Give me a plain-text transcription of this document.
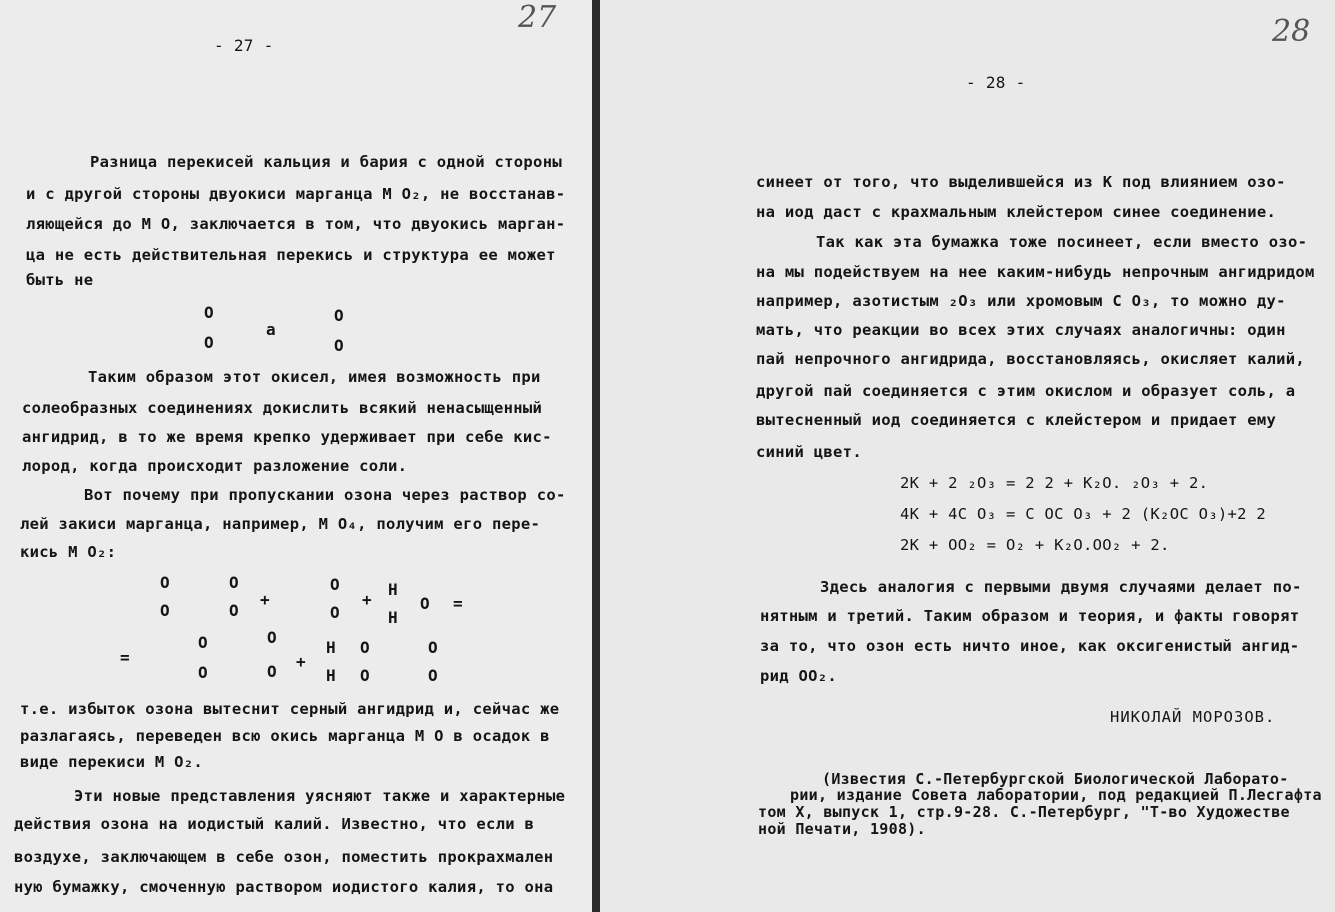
27
- 27 -
Разница перекисей кальция и бария с одной стороны
и с другой стороны двуокиси марганца M O₂, не восстанав-
ляющейся до M O, заключается в том, что двуокись марган-
ца не есть действительная перекись и структура ее может
быть не
O	O
a
O	O
Таким образом этот окисел, имея возможность при
солеобразных соединениях докислить всякий ненасыщенный
ангидрид, в то же время крепко удерживает при себе кис-
лород, когда происходит разложение соли.
Вот почему при пропускании озона через раствор со-
лей закиси марганца, например, M O₄, получим его пере-
кись M O₂:
O	O	O	H
O	O
+
O
+
H
O =
O	O
H O	O
=
O	O
+
H O	O
т.е. избыток озона вытеснит серный ангидрид и, сейчас же
разлагаясь, переведен всю окись марганца M O в осадок в
виде перекиси M O₂.
Эти новые представления уясняют также и характерные
действия озона на иодистый калий. Известно, что если в
воздухе, заключающем в себе озон, поместить прокрахмален
ную бумажку, смоченную раствором иодистого калия, то она
28
- 28 -
синеет от того, что выделившейся из K под влиянием озо-
на иод даст с крахмальным клейстером синее соединение.
Так как эта бумажка тоже посинеет, если вместо озо-
на мы подействуем на нее каким-нибудь непрочным ангидридом
например, азотистым ₂O₃ или хромовым C O₃, то можно ду-
мать, что реакции во всех этих случаях аналогичны: один
пай непрочного ангидрида, восстановляясь, окисляет калий,
другой пай соединяется с этим окислом и образует соль, а
вытесненный иод соединяется с клейстером и придает ему
синий цвет.
2K + 2 ₂O₃ = 2 2 + K₂O. ₂O₃ + 2.
4K + 4C O₃ = C OC O₃ + 2 (K₂OC O₃)+2 2
2K + OO₂ = O₂ + K₂O.OO₂ + 2.
Здесь аналогия с первыми двумя случаями делает по-
нятным и третий. Таким образом и теория, и факты говорят
за то, что озон есть ничто иное, как оксигенистый ангид-
рид OO₂.
НИКОЛАЙ МОРОЗОВ.
(Известия С.-Петербургской Биологической Лаборато-
рии, издание Совета лаборатории, под редакцией П.Лесгафта
том X, выпуск 1, стр.9-28. С.-Петербург, "Т-во Художестве
ной Печати, 1908).
